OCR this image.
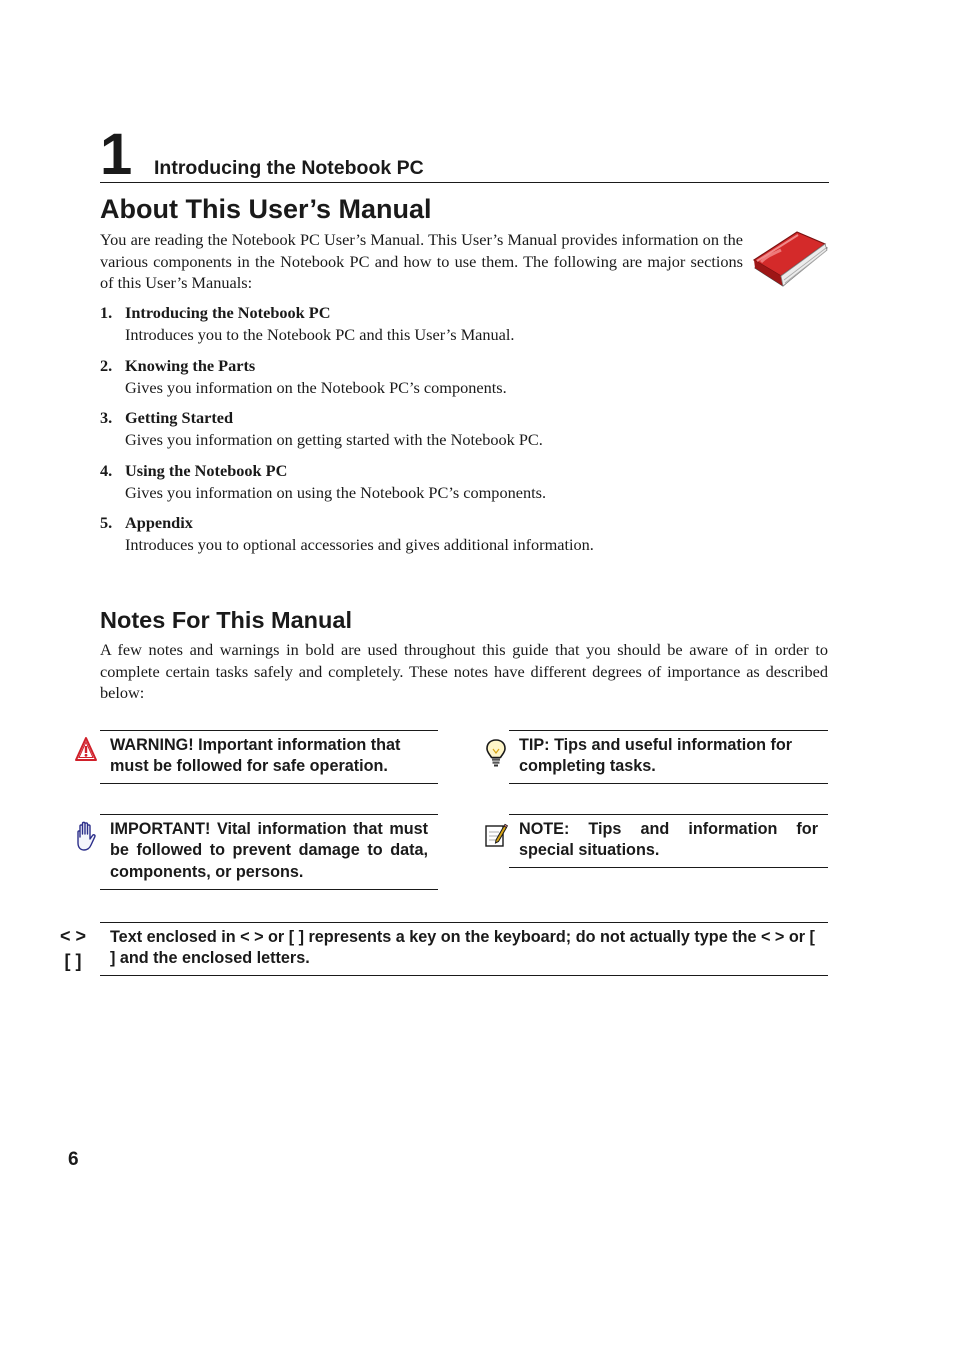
1 Introducing the Notebook PC
About This User’s Manual

You are reading the Notebook PC User’s Manual. This User’s Manual provides information on the various components in the Notebook PC and how to use them. The following are major sections of this User’s Manuals:

1. Introducing the Notebook PC
Introduces you to the Notebook PC and this User’s Manual.
2. Knowing the Parts
Gives you information on the Notebook PC’s components.
3. Getting Started
Gives you information on getting started with the Notebook PC.
4. Using the Notebook PC
Gives you information on using the Notebook PC’s components.
5. Appendix
Introduces you to optional accessories and gives additional information.
Notes For This Manual

A few notes and warnings in bold are used throughout this guide that you should be aware of in order to complete certain tasks safely and completely. These notes have different degrees of importance as described below:

WARNING! Important information that must be followed for safe operation.

TIP: Tips and useful information for completing tasks.

IMPORTANT! Vital information that must be followed to prevent damage to data, components, or persons.

NOTE: Tips and information for special situations.

< >
[ ]

Text enclosed in < > or [ ] represents a key on the keyboard; do not actually type the < > or [ ] and the enclosed letters.

6
